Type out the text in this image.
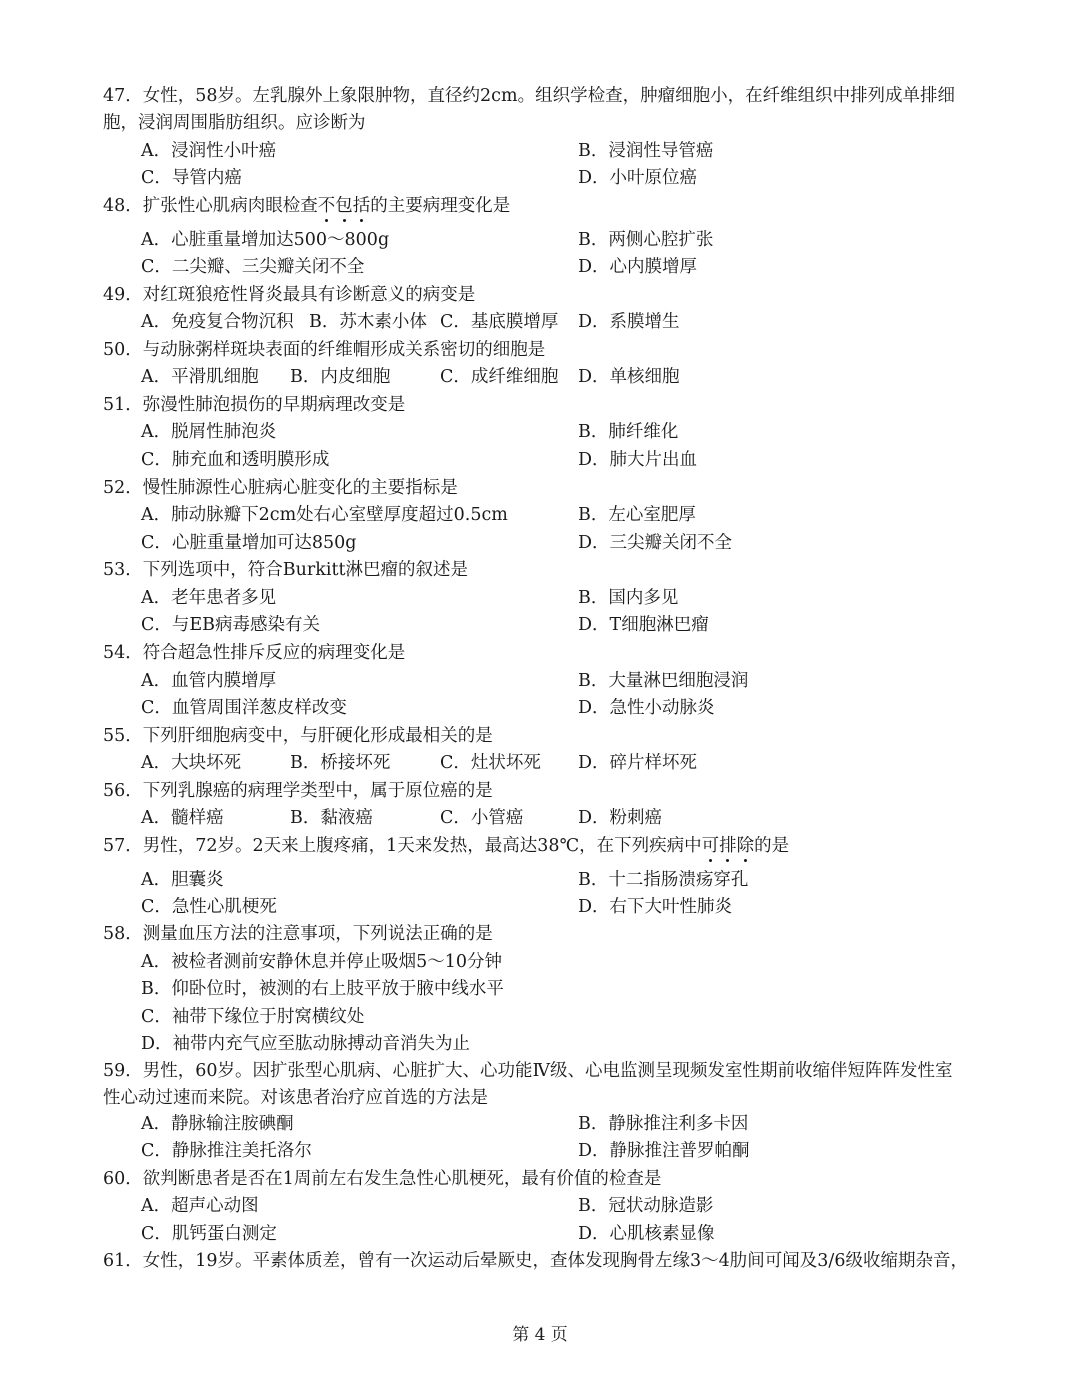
47．女性，58岁。左乳腺外上象限肿物，直径约2cm。组织学检查，肿瘤细胞小，在纤维组织中排列成单排细
胞，浸润周围脂肪组织。应诊断为
A．浸润性小叶癌	B．浸润性导管癌
C．导管内癌	D．小叶原位癌
48．扩张性心肌病肉眼检查不包括的主要病理变化是
A．心脏重量增加达500～800g	B．两侧心腔扩张
C．二尖瓣、三尖瓣关闭不全	D．心内膜增厚
49．对红斑狼疮性肾炎最具有诊断意义的病变是
A．免疫复合物沉积 B．苏木素小体 C．基底膜增厚 D．系膜增生
50．与动脉粥样斑块表面的纤维帽形成关系密切的细胞是
A．平滑肌细胞 B．内皮细胞	C．成纤维细胞 D．单核细胞
51．弥漫性肺泡损伤的早期病理改变是
A．脱屑性肺泡炎	B．肺纤维化
C．肺充血和透明膜形成	D．肺大片出血
52．慢性肺源性心脏病心脏变化的主要指标是
A．肺动脉瓣下2cm处右心室壁厚度超过0.5cm	B．左心室肥厚
C．心脏重量增加可达850g	D．三尖瓣关闭不全
53．下列选项中，符合Burkitt淋巴瘤的叙述是
A．老年患者多见	B．国内多见
C．与EB病毒感染有关	D．T细胞淋巴瘤
54．符合超急性排斥反应的病理变化是
A．血管内膜增厚	B．大量淋巴细胞浸润
C．血管周围洋葱皮样改变	D．急性小动脉炎
55．下列肝细胞病变中，与肝硬化形成最相关的是
A．大块坏死	B．桥接坏死	C．灶状坏死 D．碎片样坏死
56．下列乳腺癌的病理学类型中，属于原位癌的是
A．髓样癌	B．黏液癌	C．小管癌	D．粉刺癌
57．男性，72岁。2天来上腹疼痛，1天来发热，最高达38℃，在下列疾病中可排除的是
A．胆囊炎	B．十二指肠溃疡穿孔
C．急性心肌梗死	D．右下大叶性肺炎
58．测量血压方法的注意事项，下列说法正确的是
A．被检者测前安静休息并停止吸烟5～10分钟
B．仰卧位时，被测的右上肢平放于腋中线水平
C．袖带下缘位于肘窝横纹处
D．袖带内充气应至肱动脉搏动音消失为止
59．男性，60岁。因扩张型心肌病、心脏扩大、心功能Ⅳ级、心电监测呈现频发室性期前收缩伴短阵阵发性室
性心动过速而来院。对该患者治疗应首选的方法是
A．静脉输注胺碘酮	B．静脉推注利多卡因
C．静脉推注美托洛尔	D．静脉推注普罗帕酮
60．欲判断患者是否在1周前左右发生急性心肌梗死，最有价值的检查是
A．超声心动图	B．冠状动脉造影
C．肌钙蛋白测定	D．心肌核素显像
61．女性，19岁。平素体质差，曾有一次运动后晕厥史，查体发现胸骨左缘3～4肋间可闻及3/6级收缩期杂音，
第 4 页
